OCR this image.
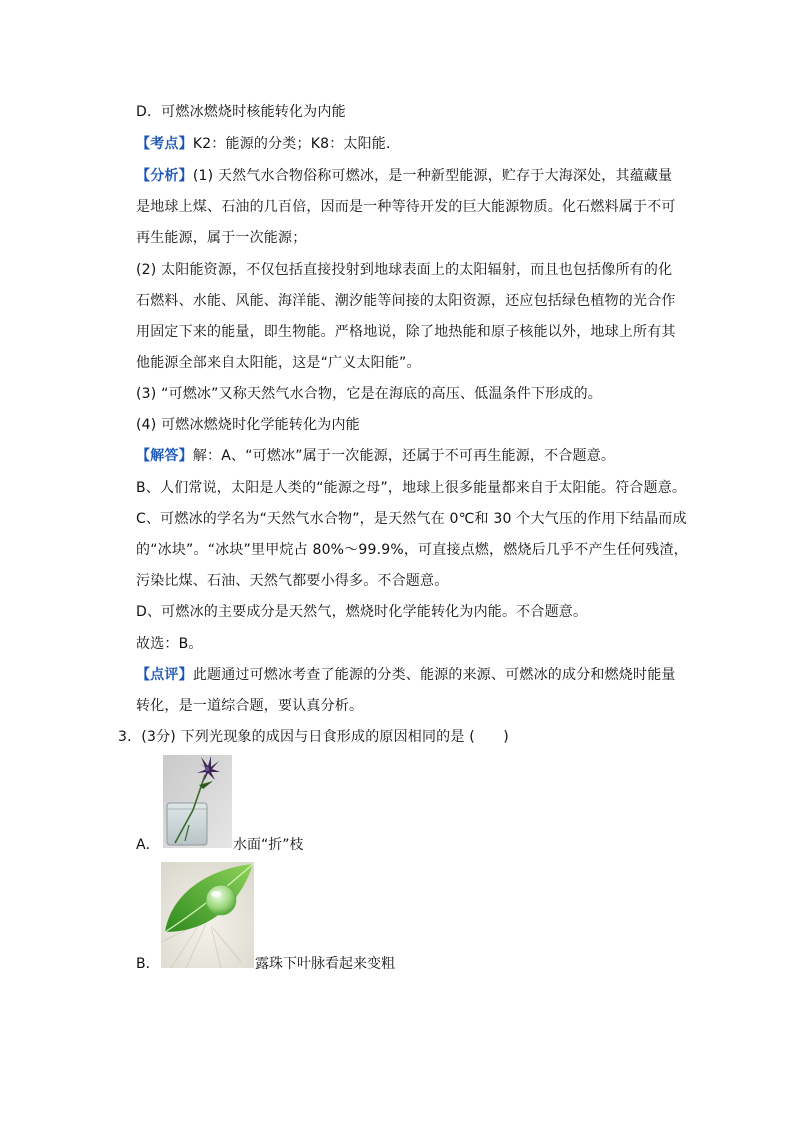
D．可燃冰燃烧时核能转化为内能
【考点】K2：能源的分类；K8：太阳能．
【分析】(1) 天然气水合物俗称可燃冰，是一种新型能源，贮存于大海深处，其蕴藏量
是地球上煤、石油的几百倍，因而是一种等待开发的巨大能源物质。化石燃料属于不可
再生能源，属于一次能源；
(2) 太阳能资源，不仅包括直接投射到地球表面上的太阳辐射，而且也包括像所有的化
石燃料、水能、风能、海洋能、潮汐能等间接的太阳资源，还应包括绿色植物的光合作
用固定下来的能量，即生物能。严格地说，除了地热能和原子核能以外，地球上所有其
他能源全部来自太阳能，这是“广义太阳能”。
(3) “可燃冰”又称天然气水合物，它是在海底的高压、低温条件下形成的。
(4) 可燃冰燃烧时化学能转化为内能
【解答】解：A、“可燃冰”属于一次能源，还属于不可再生能源，不合题意。
B、人们常说，太阳是人类的“能源之母”，地球上很多能量都来自于太阳能。符合题意。
C、可燃冰的学名为“天然气水合物”，是天然气在 0℃和 30 个大气压的作用下结晶而成
的“冰块”。“冰块”里甲烷占 80%～99.9%，可直接点燃，燃烧后几乎不产生任何残渣，
污染比煤、石油、天然气都要小得多。不合题意。
D、可燃冰的主要成分是天然气，燃烧时化学能转化为内能。不合题意。
故选：B。
【点评】此题通过可燃冰考查了能源的分类、能源的来源、可燃冰的成分和燃烧时能量
转化，是一道综合题，要认真分析。
3．(3分) 下列光现象的成因与日食形成的原因相同的是 (　　)
A．	水面“折”枝
B．	露珠下叶脉看起来变粗
